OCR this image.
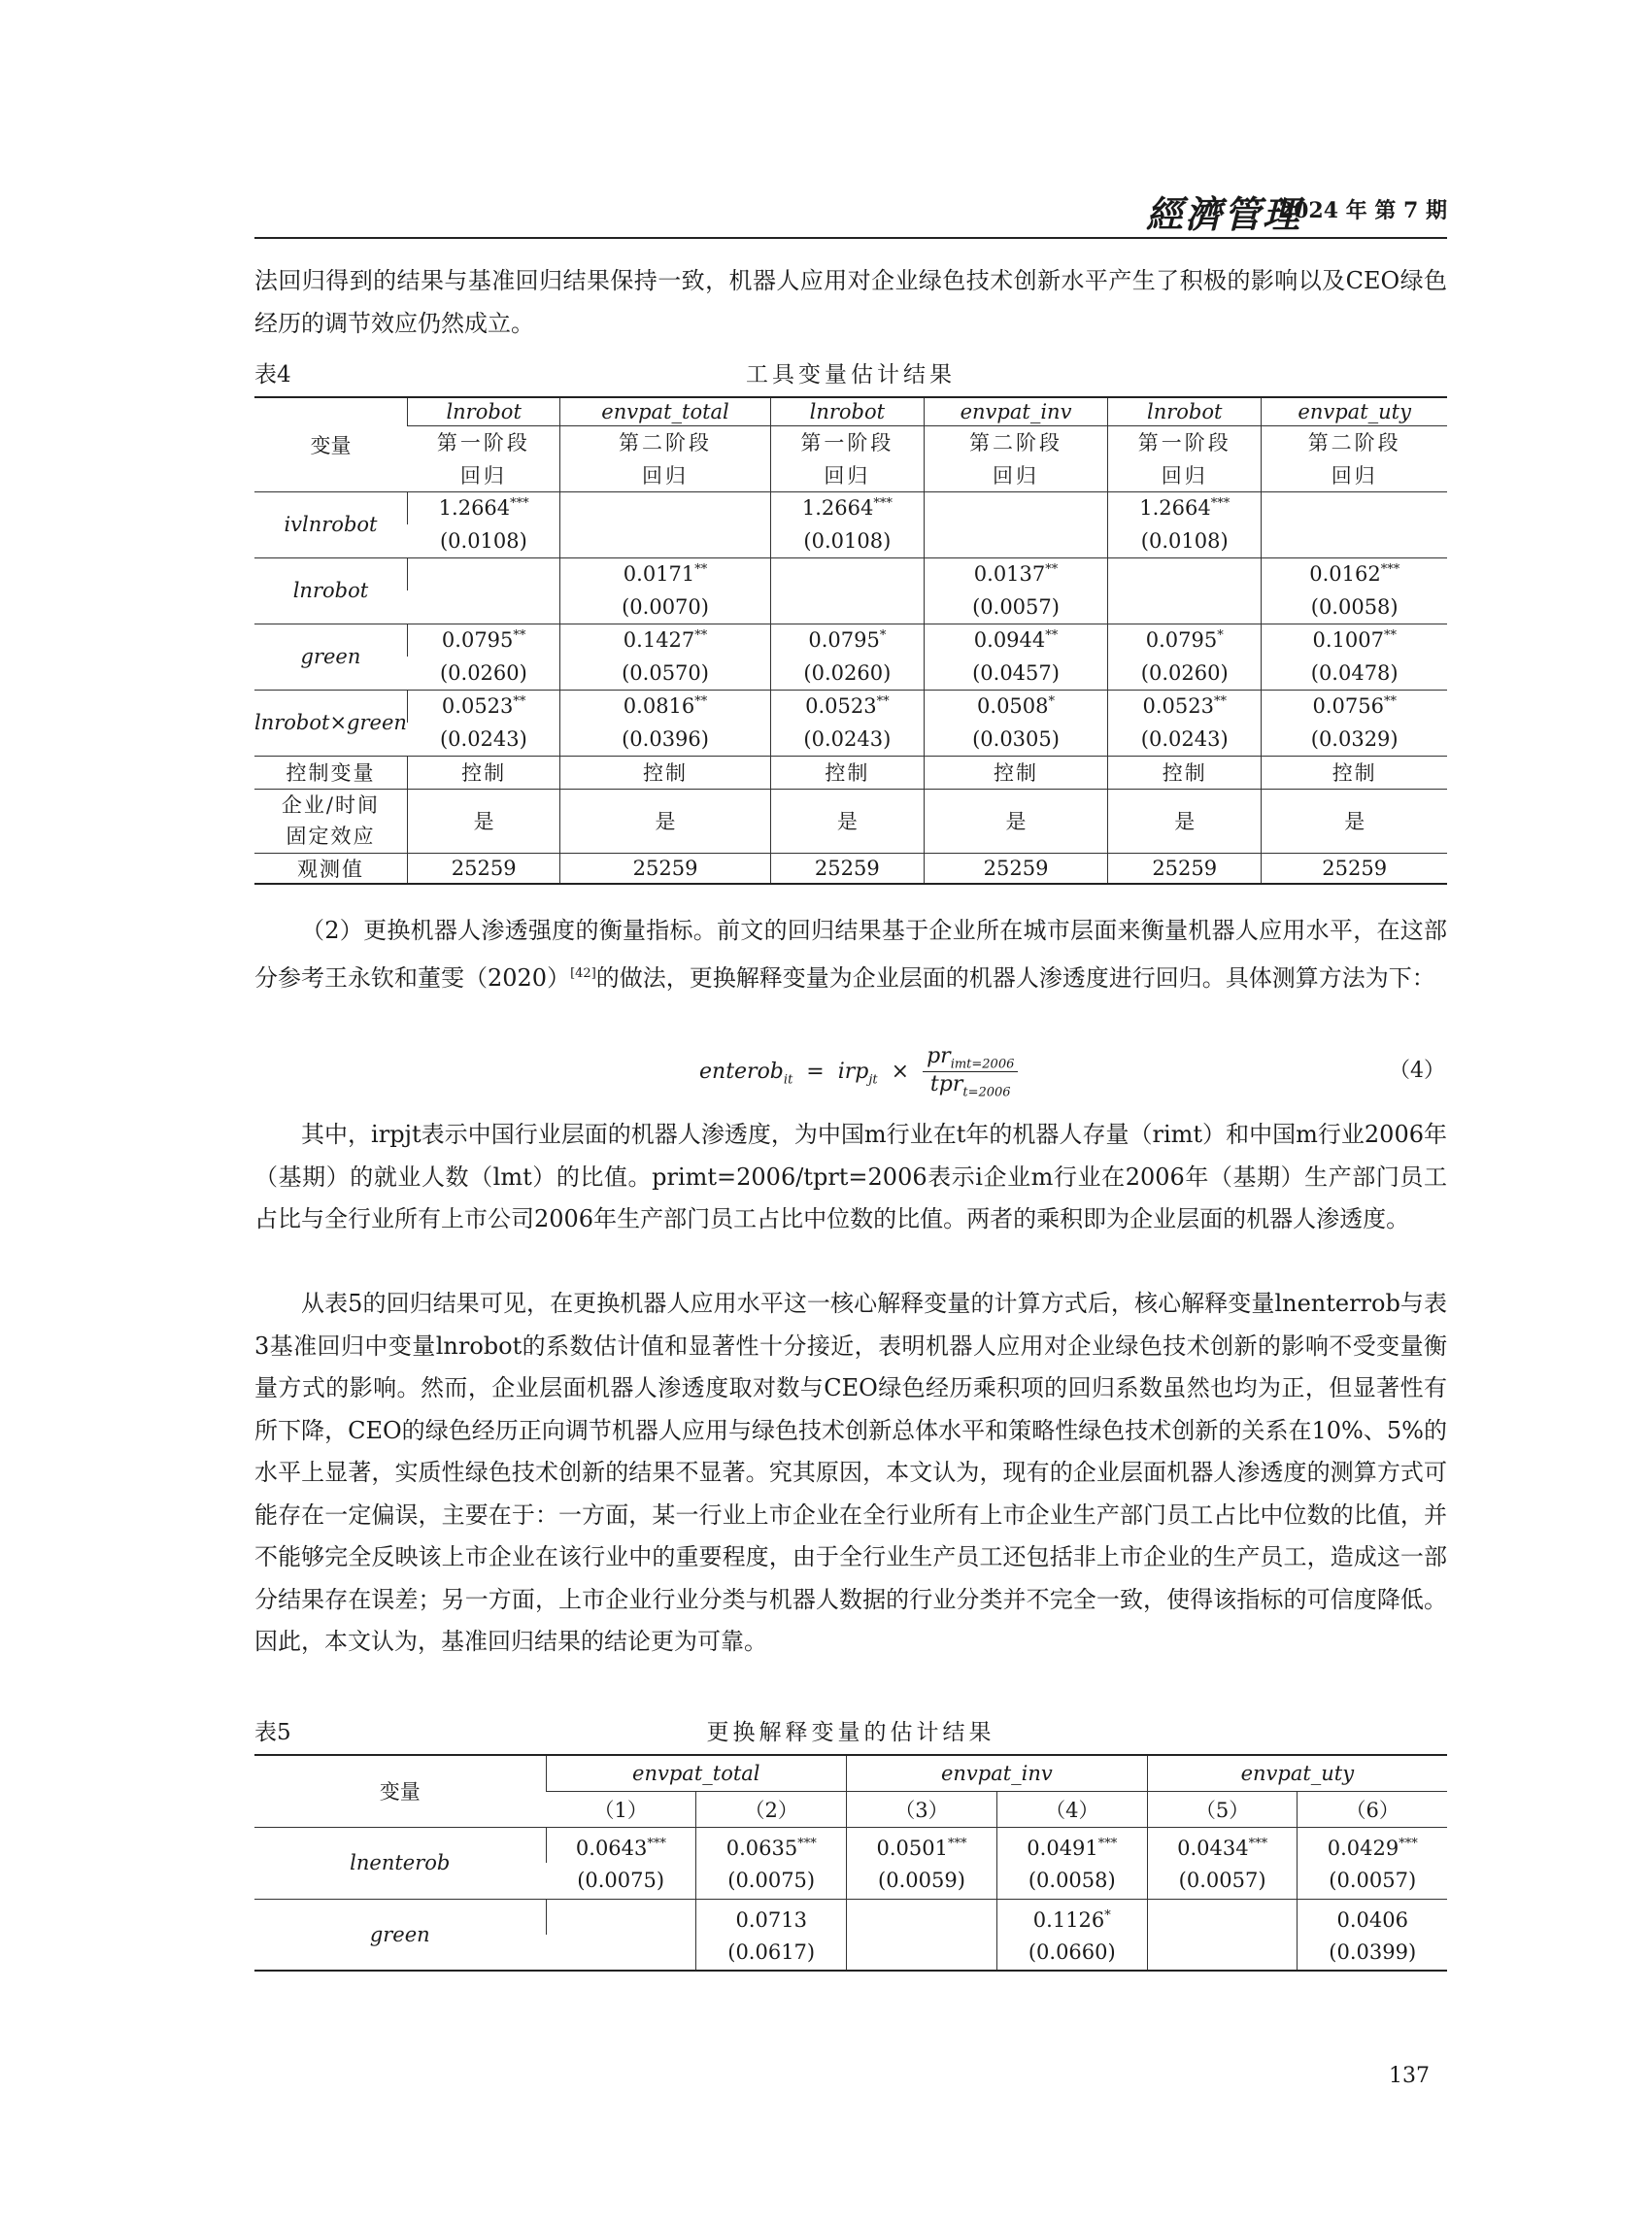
經濟管理
2024 年 第 7 期
法回归得到的结果与基准回归结果保持一致，机器人应用对企业绿色技术创新水平产生了积极的影响以及CEO绿色经历的调节效应仍然成立。
表4	工具变量估计结果
变量	lnrobot	envpat_total	lnrobot	envpat_inv	lnrobot	envpat_uty
	第一阶段	第二阶段	第一阶段	第二阶段	第一阶段	第二阶段
	回归	回归	回归	回归	回归	回归
ivlnrobot	1.2664***		1.2664***		1.2664***	
	(0.0108)		(0.0108)		(0.0108)	
lnrobot		0.0171**		0.0137**		0.0162***
		(0.0070)		(0.0057)		(0.0058)
green	0.0795**	0.1427**	0.0795*	0.0944**	0.0795*	0.1007**
	(0.0260)	(0.0570)	(0.0260)	(0.0457)	(0.0260)	(0.0478)
lnrobot×green	0.0523**	0.0816**	0.0523**	0.0508*	0.0523**	0.0756**
	(0.0243)	(0.0396)	(0.0243)	(0.0305)	(0.0243)	(0.0329)
控制变量	控制	控制	控制	控制	控制	控制

企业/时间
固定效应	是	是	是	是	是	是
观测值	25259	25259	25259	25259	25259	25259
（2）更换机器人渗透强度的衡量指标。前文的回归结果基于企业所在城市层面来衡量机器人应用水平，在这部分参考王永钦和董雯（2020）[42]的做法，更换解释变量为企业层面的机器人渗透度进行回归。具体测算方法为下：
enterob$_{it}$ = irp$_{jt}$ ×
$pr_{imt=2006}$
tpr$_{t=2006}$
（4）
其中，irpjt表示中国行业层面的机器人渗透度，为中国m行业在t年的机器人存量（rimt）和中国m行业2006年（基期）的就业人数（lmt）的比值。primt=2006/tprt=2006表示i企业m行业在2006年（基期）生产部门员工占比与全行业所有上市公司2006年生产部门员工占比中位数的比值。两者的乘积即为企业层面的机器人渗透度。
从表5的回归结果可见，在更换机器人应用水平这一核心解释变量的计算方式后，核心解释变量lnenterrob与表3基准回归中变量lnrobot的系数估计值和显著性十分接近，表明机器人应用对企业绿色技术创新的影响不受变量衡量方式的影响。然而，企业层面机器人渗透度取对数与CEO绿色经历乘积项的回归系数虽然也均为正，但显著性有所下降，CEO的绿色经历正向调节机器人应用与绿色技术创新总体水平和策略性绿色技术创新的关系在10%、5%的水平上显著，实质性绿色技术创新的结果不显著。究其原因，本文认为，现有的企业层面机器人渗透度的测算方式可能存在一定偏误，主要在于：一方面，某一行业上市企业在全行业所有上市企业生产部门员工占比中位数的比值，并不能够完全反映该上市企业在该行业中的重要程度，由于全行业生产员工还包括非上市企业的生产员工，造成这一部分结果存在误差；另一方面，上市企业行业分类与机器人数据的行业分类并不完全一致，使得该指标的可信度降低。因此，本文认为，基准回归结果的结论更为可靠。
表5	更换解释变量的估计结果
变量	envpat_total		envpat_inv		envpat_uty	
	（1）	（2）	（3）	（4）	（5）	（6）
lnenterob	0.0643***	0.0635***	0.0501***	0.0491***	0.0434***	0.0429***
	(0.0075)	(0.0075)	(0.0059)	(0.0058)	(0.0057)	(0.0057)
green		0.0713		0.1126*		0.0406
		(0.0617)		(0.0660)		(0.0399)
137
